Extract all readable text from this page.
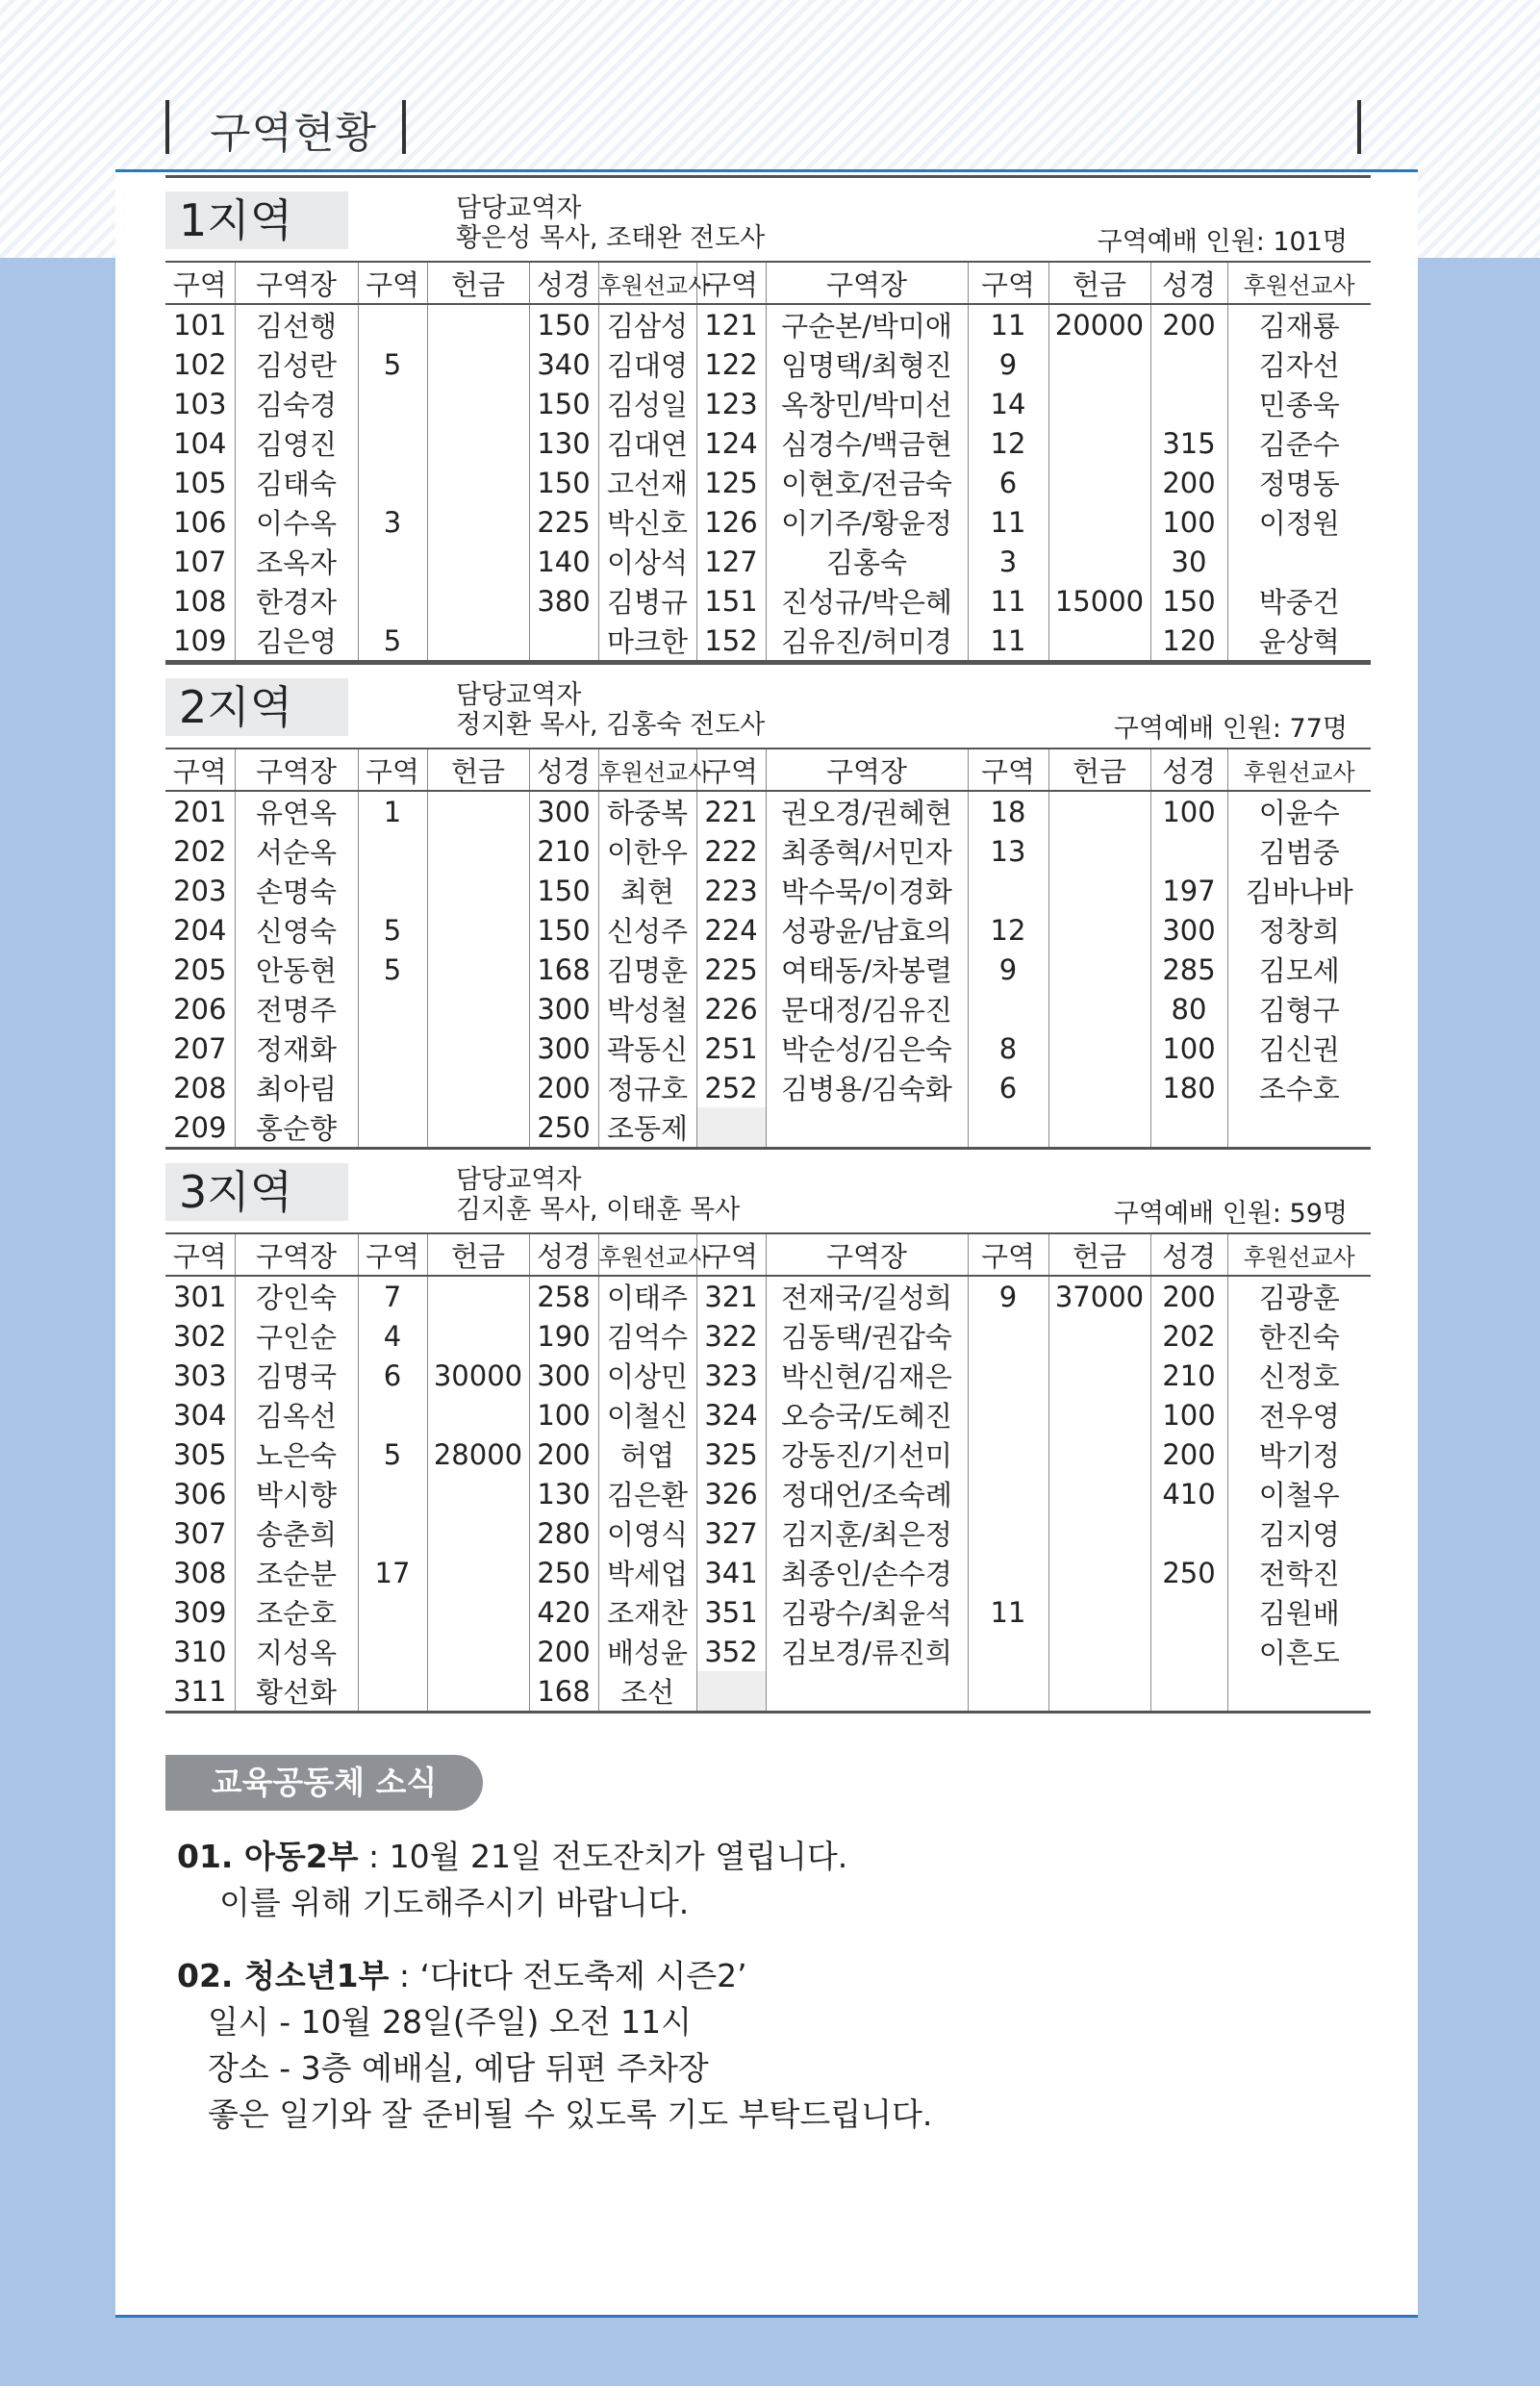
구역현황
1지역	담당교역자
황은성 목사, 조태완 전도사	구역예배 인원: 101명
구역	구역장	구역	헌금	성경	후원선교사	구역	구역장	구역	헌금	성경	후원선교사
101	김선행			150	김삼성	121	구순본/박미애	11	20000	200	김재룡
102	김성란	5		340	김대영	122	임명택/최형진	9			김자선
103	김숙경			150	김성일	123	옥창민/박미선	14			민종욱
104	김영진			130	김대연	124	심경수/백금현	12		315	김준수
105	김태숙			150	고선재	125	이현호/전금숙	6		200	정명동
106	이수옥	3		225	박신호	126	이기주/황윤정	11		100	이정원
107	조옥자			140	이상석	127	김홍숙	3		30	
108	한경자			380	김병규	151	진성규/박은혜	11	15000	150	박중건
109	김은영	5			마크한	152	김유진/허미경	11		120	윤상혁
2지역	담당교역자
정지환 목사, 김홍숙 전도사	구역예배 인원: 77명
구역	구역장	구역	헌금	성경	후원선교사	구역	구역장	구역	헌금	성경	후원선교사
201	유연옥	1		300	하중복	221	권오경/권혜현	18		100	이윤수
202	서순옥			210	이한우	222	최종혁/서민자	13			김범중
203	손명숙			150	최현	223	박수묵/이경화			197	김바나바
204	신영숙	5		150	신성주	224	성광윤/남효의	12		300	정창희
205	안동현	5		168	김명훈	225	여태동/차봉렬	9		285	김모세
206	전명주			300	박성철	226	문대정/김유진			80	김형구
207	정재화			300	곽동신	251	박순성/김은숙	8		100	김신권
208	최아림			200	정규호	252	김병용/김숙화	6		180	조수호
209	홍순향			250	조동제						
3지역	담당교역자
김지훈 목사, 이태훈 목사	구역예배 인원: 59명
구역	구역장	구역	헌금	성경	후원선교사	구역	구역장	구역	헌금	성경	후원선교사
301	강인숙	7		258	이태주	321	전재국/길성희	9	37000	200	김광훈
302	구인순	4		190	김억수	322	김동택/권갑숙			202	한진숙
303	김명국	6	30000	300	이상민	323	박신현/김재은			210	신정호
304	김옥선			100	이철신	324	오승국/도혜진			100	전우영
305	노은숙	5	28000	200	허엽	325	강동진/기선미			200	박기정
306	박시향			130	김은환	326	정대언/조숙례			410	이철우
307	송춘희			280	이영식	327	김지훈/최은정				김지영
308	조순분	17		250	박세업	341	최종인/손수경			250	전학진
309	조순호			420	조재찬	351	김광수/최윤석	11			김원배
310	지성옥			200	배성윤	352	김보경/류진희				이흔도
311	황선화			168	조선						
교육공동체 소식
01. 아동2부 : 10월 21일 전도잔치가 열립니다.
이를 위해 기도해주시기 바랍니다.
02. 청소년1부 : ‘다it다 전도축제 시즌2’
일시 - 10월 28일(주일) 오전 11시
장소 - 3층 예배실, 예담 뒤편 주차장
좋은 일기와 잘 준비될 수 있도록 기도 부탁드립니다.
